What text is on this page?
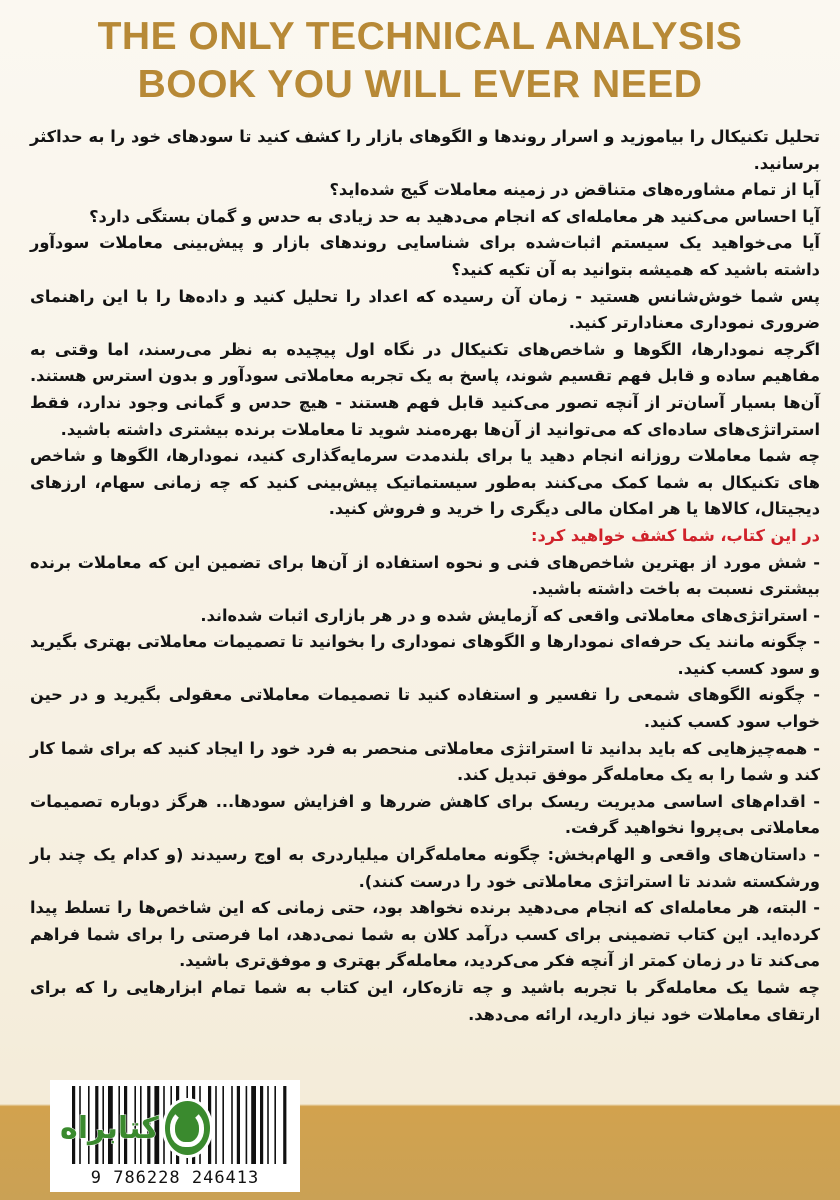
THE ONLY TECHNICAL ANALYSIS
BOOK YOU WILL EVER NEED

تحلیل تکنیکال را بیاموزید و اسرار روندها و الگوهای بازار را کشف کنید تا سودهای خود را به حداکثر برسانید.

آیا از تمام مشاوره‌های متناقض در زمینه معاملات گیج شده‌اید؟

آیا احساس می‌کنید هر معامله‌ای که انجام می‌دهید به حد زیادی به حدس و گمان بستگی دارد؟

آیا می‌خواهید یک سیستم اثبات‌شده برای شناسایی روندهای بازار و پیش‌بینی معاملات سودآور داشته باشید که همیشه بتوانید به آن تکیه کنید؟

پس شما خوش‌شانس هستید - زمان آن رسیده که اعداد را تحلیل کنید و داده‌ها را با این راهنمای ضروری نموداری معنادارتر کنید.

اگرچه نمودارها، الگوها و شاخص‌های تکنیکال در نگاه اول پیچیده به نظر می‌رسند، اما وقتی به مفاهیم ساده و قابل فهم تقسیم شوند، پاسخ به یک تجربه معاملاتی سودآور و بدون استرس هستند. آن‌ها بسیار آسان‌تر از آنچه تصور می‌کنید قابل فهم هستند - هیچ حدس و گمانی وجود ندارد، فقط استراتژی‌های ساده‌ای که می‌توانید از آن‌ها بهره‌مند شوید تا معاملات برنده بیشتری داشته باشید.

چه شما معاملات روزانه انجام دهید یا برای بلندمدت سرمایه‌گذاری کنید، نمودارها، الگوها و شاخص های تکنیکال به شما کمک می‌کنند به‌طور سیستماتیک پیش‌بینی کنید که چه زمانی سهام، ارزهای دیجیتال، کالاها یا هر امکان مالی دیگری را خرید و فروش کنید.

در این کتاب، شما کشف خواهید کرد:

- شش مورد از بهترین شاخص‌های فنی و نحوه استفاده از آن‌ها برای تضمین این که معاملات برنده بیشتری نسبت به باخت داشته باشید.

- استراتژی‌های معاملاتی واقعی که آزمایش شده و در هر بازاری اثبات شده‌اند.

- چگونه مانند یک حرفه‌ای نمودارها و الگوهای نموداری را بخوانید تا تصمیمات معاملاتی بهتری بگیرید و سود کسب کنید.

- چگونه الگوهای شمعی را تفسیر و استفاده کنید تا تصمیمات معاملاتی معقولی بگیرید و در حین خواب سود کسب کنید.

- همه‌چیزهایی که باید بدانید تا استراتژی معاملاتی منحصر به فرد خود را ایجاد کنید که برای شما کار کند و شما را به یک معامله‌گر موفق تبدیل کند.

- اقدام‌های اساسی مدیریت ریسک برای کاهش ضررها و افزایش سودها... هرگز دوباره تصمیمات معاملاتی بی‌پروا نخواهید گرفت.

- داستان‌های واقعی و الهام‌بخش: چگونه معامله‌گران میلیاردری به اوج رسیدند (و کدام یک چند بار ورشکسته شدند تا استراتژی معاملاتی خود را درست کنند).

- البته، هر معامله‌ای که انجام می‌دهید برنده نخواهد بود، حتی زمانی که این شاخص‌ها را تسلط پیدا کرده‌اید. این کتاب تضمینی برای کسب درآمد کلان به شما نمی‌دهد، اما فرصتی را برای شما فراهم می‌کند تا در زمان کمتر از آنچه فکر می‌کردید، معامله‌گر بهتری و موفق‌تری باشید.

چه شما یک معامله‌گر با تجربه باشید و چه تازه‌کار، این کتاب به شما تمام ابزارهایی را که برای ارتقای معاملات خود نیاز دارید، ارائه می‌دهد.

9 786228 246413
کتابراه
